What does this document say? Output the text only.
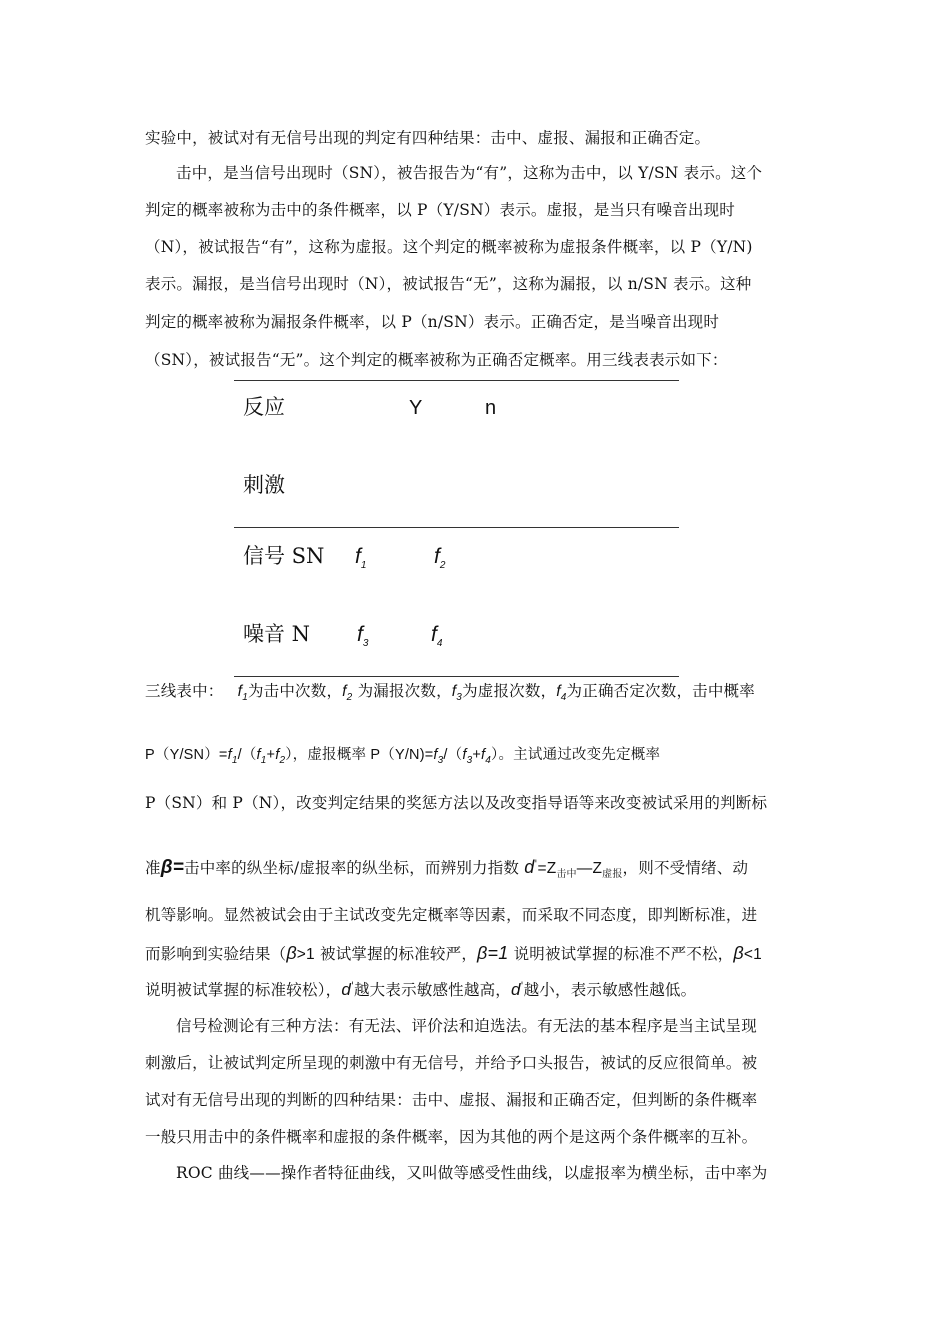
实验中，被试对有无信号出现的判定有四种结果：击中、虚报、漏报和正确否定。
击中，是当信号出现时（SN），被告报告为“有”，这称为击中，以 Y/SN 表示。这个
判定的概率被称为击中的条件概率，以 P（Y/SN）表示。虚报，是当只有噪音出现时
（N），被试报告“有”，这称为虚报。这个判定的概率被称为虚报条件概率，以 P（Y/N)
表示。漏报，是当信号出现时（N），被试报告“无”，这称为漏报，以 n/SN 表示。这种
判定的概率被称为漏报条件概率，以 P（n/SN）表示。正确否定，是当噪音出现时
（SN），被试报告“无”。这个判定的概率被称为正确否定概率。用三线表表示如下：
反应	Y	n
刺激
信号 SN $f_1$	$f_2$
噪音 N $f_3$	$f_4$
三线表中：   $f_1$为击中次数，$f_2$ 为漏报次数，$f_3$为虚报次数，$f_4$为正确否定次数，击中概率
$P(Y/SN)=f_1/(f_1+f_2)$，虚报概率 $P(Y/N)=f_3/(f_3+f_4)$。主试通过改变先定概率
P（SN）和 P（N），改变判定结果的奖惩方法以及改变指导语等来改变被试采用的判断标
准β=击中率的纵坐标/虚报率的纵坐标，而辨别力指数 $d'=Z_{击中}—Z_{虚报}$，则不受情绪、动
机等影响。显然被试会由于主试改变先定概率等因素，而采取不同态度，即判断标准，进
而影响到实验结果（β>1 被试掌握的标准较严，β=1 说明被试掌握的标准不严不松，β<1
说明被试掌握的标准较松），d'越大表示敏感性越高，d'越小，表示敏感性越低。
信号检测论有三种方法：有无法、评价法和迫选法。有无法的基本程序是当主试呈现
刺激后，让被试判定所呈现的刺激中有无信号，并给予口头报告，被试的反应很简单。被
试对有无信号出现的判断的四种结果：击中、虚报、漏报和正确否定，但判断的条件概率
一般只用击中的条件概率和虚报的条件概率，因为其他的两个是这两个条件概率的互补。
ROC 曲线——操作者特征曲线，又叫做等感受性曲线，以虚报率为横坐标，击中率为
